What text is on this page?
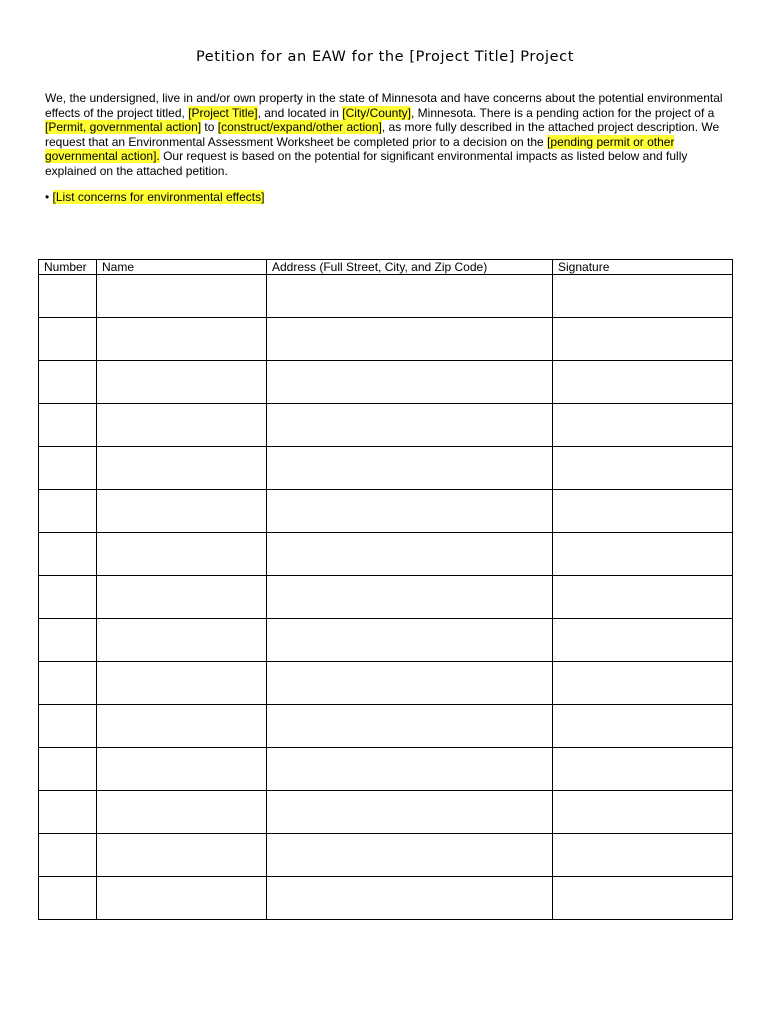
Petition for an EAW for the [Project Title] Project
We, the undersigned, live in and/or own property in the state of Minnesota and have concerns about the potential environmental effects of the project titled, [Project Title], and located in [City/County], Minnesota. There is a pending action for the project of a [Permit, governmental action] to [construct/expand/other action], as more fully described in the attached project description. We request that an Environmental Assessment Worksheet be completed prior to a decision on the [pending permit or other governmental action]. Our request is based on the potential for significant environmental impacts as listed below and fully explained on the attached petition.
• [List concerns for environmental effects]
Number	Name	Address (Full Street, City, and Zip Code)	Signature
